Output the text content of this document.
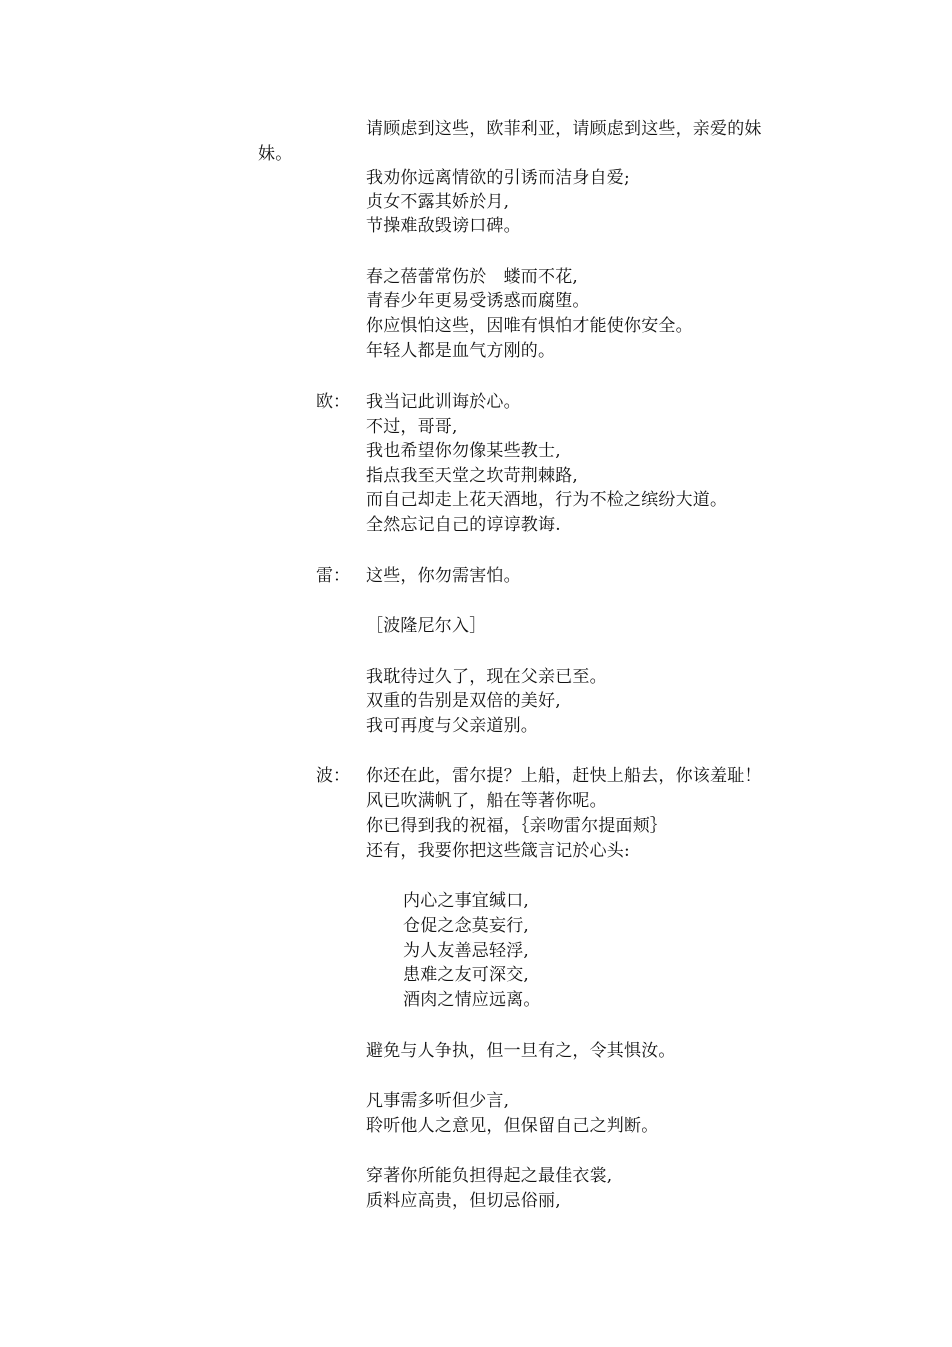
请顾虑到这些，欧菲利亚，请顾虑到这些，亲爱的妹
妹。
我劝你远离情欲的引诱而洁身自爱;
贞女不露其娇於月,
节操难敌毁谤口碑。
春之蓓蕾常伤於　蝼而不花,
青春少年更易受诱惑而腐堕。
你应惧怕这些，因唯有惧怕才能使你安全。
年轻人都是血气方刚的。
欧： 我当记此训诲於心。
不过，哥哥,
我也希望你勿像某些教士,
指点我至天堂之坎苛荆棘路,
而自己却走上花天酒地，行为不检之缤纷大道。
全然忘记自己的谆谆教诲.
雷： 这些，你勿需害怕。
［波隆尼尔入］
我耽待过久了，现在父亲已至。
双重的告别是双倍的美好,
我可再度与父亲道别。
波： 你还在此，雷尔提？上船，赶快上船去，你该羞耻！
风已吹满帆了，船在等著你呢。
你已得到我的祝福，｛亲吻雷尔提面颊｝
还有，我要你把这些箴言记於心头:
内心之事宜缄口,
仓促之念莫妄行,
为人友善忌轻浮,
患难之友可深交,
酒肉之情应远离。
避免与人争执，但一旦有之，令其惧汝。
凡事需多听但少言,
聆听他人之意见，但保留自己之判断。
穿著你所能负担得起之最佳衣裳,
质料应高贵，但切忌俗丽,
